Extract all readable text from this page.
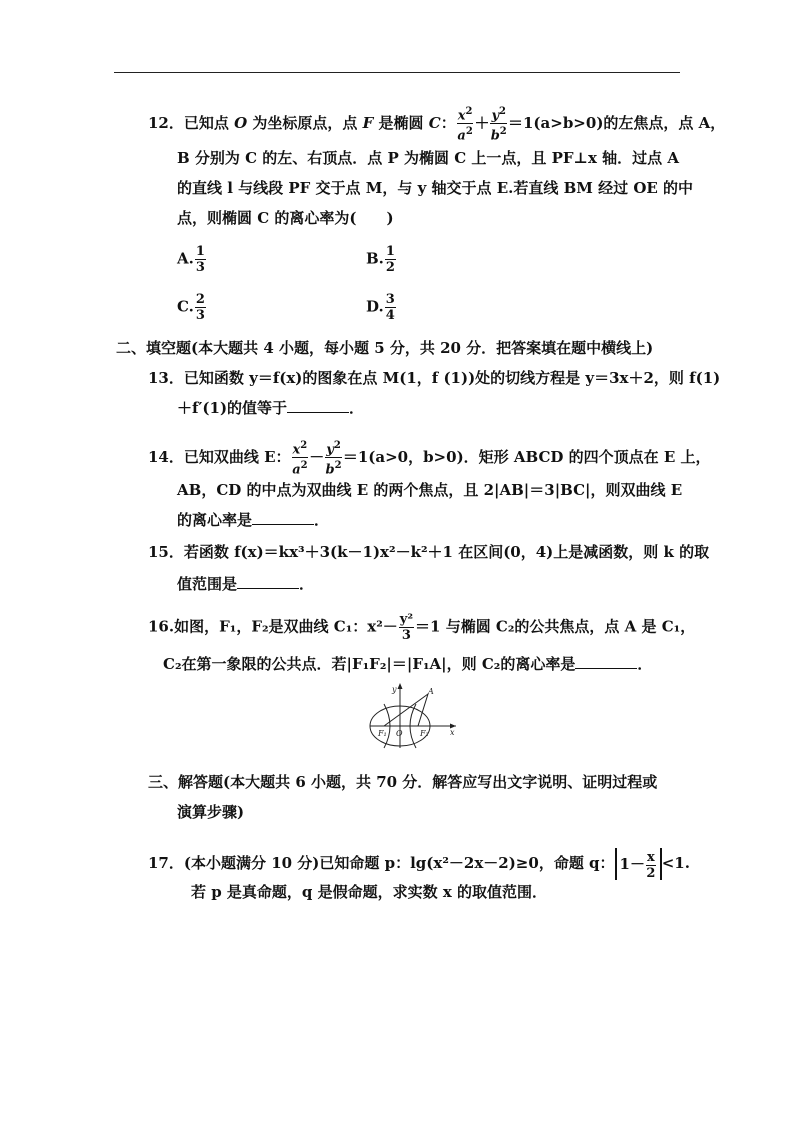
12．已知点 O 为坐标原点，点 F 是椭圆 C： $\frac{x^2}{a^2} + \frac{y^2}{b^2} =1(a>b>0)$的左焦点，点 A，
B 分别为 C 的左、右顶点．点 P 为椭圆 C 上一点，且 PF⊥x 轴．过点 A
的直线 l 与线段 PF 交于点 M，与 y 轴交于点 E.若直线 BM 经过 OE 的中
点，则椭圆 C 的离心率为(　　)
A. $\frac{1}{3}$	B. $\frac{1}{2}$
C. $\frac{2}{3}$	D. $\frac{3}{4}$
二、填空题(本大题共 4 小题，每小题 5 分，共 20 分．把答案填在题中横线上)
13．已知函数 y＝f(x)的图象在点 M(1，f (1))处的切线方程是 y＝3x＋2，则 f(1)
＋f′(1)的值等于	．
14．已知双曲线 E： $\frac{x^2}{a^2} - \frac{y^2}{b^2} =1(a>0$，b>0)．矩形 ABCD 的四个顶点在 E 上，
AB，CD 的中点为双曲线 E 的两个焦点，且 2|AB|＝3|BC|，则双曲线 E
的离心率是	．
15．若函数 f(x)＝kx³＋3(k－1)x²－k²＋1 在区间(0，4)上是减函数，则 k 的取
值范围是	．
16.如图，F₁，F₂是双曲线 C₁：$x^2- \frac{\text{y²}}{3} =1$ 与椭圆 C₂的公共焦点，点 A 是 C₁，
C₂在第一象限的公共点．若|F₁F₂|＝|F₁A|，则 C₂的离心率是	．
y	A
F₁ O F₂	x
三、解答题(本大题共 6 小题，共 70 分．解答应写出文字说明、证明过程或
演算步骤)
17．(本小题满分 10 分)已知命题 p：lg(x²－2x－2)≥0，命题 q： $1- \frac{x}{2} <1$.
若 p 是真命题，q 是假命题，求实数 x 的取值范围．
